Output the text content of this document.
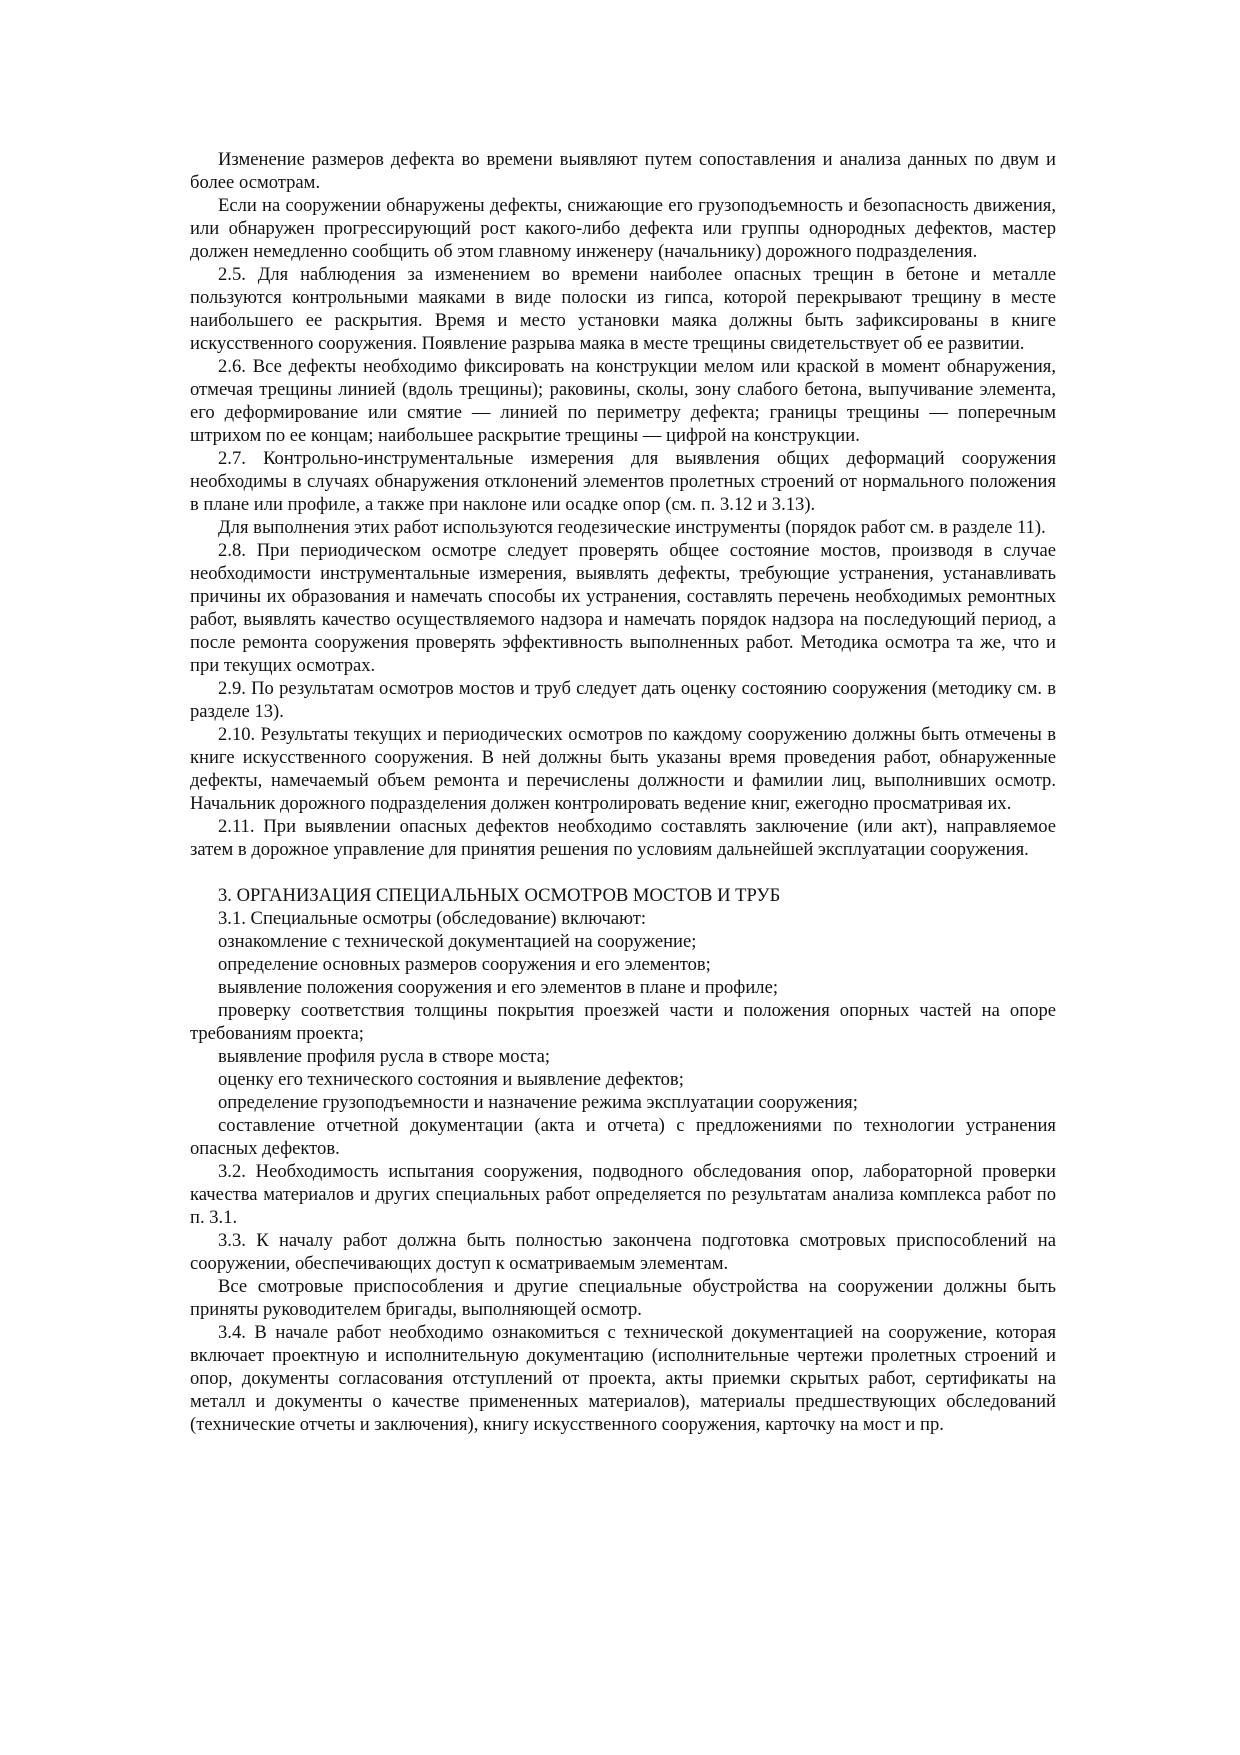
Изменение размеров дефекта во времени выявляют путем сопоставления и анализа данных по двум и более осмотрам.

Если на сооружении обнаружены дефекты, снижающие его грузоподъемность и безопасность движения, или обнаружен прогрессирующий рост какого-либо дефекта или группы однородных дефектов, мастер должен немедленно сообщить об этом главному инженеру (начальнику) дорожного подразделения.

2.5. Для наблюдения за изменением во времени наиболее опасных трещин в бетоне и металле пользуются контрольными маяками в виде полоски из гипса, которой перекрывают трещину в месте наибольшего ее раскрытия. Время и место установки маяка должны быть зафиксированы в книге искусственного сооружения. Появление разрыва маяка в месте трещины свидетельствует об ее развитии.

2.6. Все дефекты необходимо фиксировать на конструкции мелом или краской в момент обнаружения, отмечая трещины линией (вдоль трещины); раковины, сколы, зону слабого бетона, выпучивание элемента, его деформирование или смятие — линией по периметру дефекта; границы трещины — поперечным штрихом по ее концам; наибольшее раскрытие трещины — цифрой на конструкции.

2.7. Контрольно-инструментальные измерения для выявления общих деформаций сооружения необходимы в случаях обнаружения отклонений элементов пролетных строений от нормального положения в плане или профиле, а также при наклоне или осадке опор (см. п. 3.12 и 3.13).

Для выполнения этих работ используются геодезические инструменты (порядок работ см. в разделе 11).

2.8. При периодическом осмотре следует проверять общее состояние мостов, производя в случае необходимости инструментальные измерения, выявлять дефекты, требующие устранения, устанавливать причины их образования и намечать способы их устранения, составлять перечень необходимых ремонтных работ, выявлять качество осуществляемого надзора и намечать порядок надзора на последующий период, а после ремонта сооружения проверять эффективность выполненных работ. Методика осмотра та же, что и при текущих осмотрах.

2.9. По результатам осмотров мостов и труб следует дать оценку состоянию сооружения (методику см. в разделе 13).

2.10. Результаты текущих и периодических осмотров по каждому сооружению должны быть отмечены в книге искусственного сооружения. В ней должны быть указаны время проведения работ, обнаруженные дефекты, намечаемый объем ремонта и перечислены должности и фамилии лиц, выполнивших осмотр. Начальник дорожного подразделения должен контролировать ведение книг, ежегодно просматривая их.

2.11. При выявлении опасных дефектов необходимо составлять заключение (или акт), направляемое затем в дорожное управление для принятия решения по условиям дальнейшей эксплуатации сооружения.

3. ОРГАНИЗАЦИЯ СПЕЦИАЛЬНЫХ ОСМОТРОВ МОСТОВ И ТРУБ

3.1. Специальные осмотры (обследование) включают:

ознакомление с технической документацией на сооружение;

определение основных размеров сооружения и его элементов;

выявление положения сооружения и его элементов в плане и профиле;

проверку соответствия толщины покрытия проезжей части и положения опорных частей на опоре требованиям проекта;

выявление профиля русла в створе моста;

оценку его технического состояния и выявление дефектов;

определение грузоподъемности и назначение режима эксплуатации сооружения;

составление отчетной документации (акта и отчета) с предложениями по технологии устранения опасных дефектов.

3.2. Необходимость испытания сооружения, подводного обследования опор, лабораторной проверки качества материалов и других специальных работ определяется по результатам анализа комплекса работ по п. 3.1.

3.3. К началу работ должна быть полностью закончена подготовка смотровых приспособлений на сооружении, обеспечивающих доступ к осматриваемым элементам.

Все смотровые приспособления и другие специальные обустройства на сооружении должны быть приняты руководителем бригады, выполняющей осмотр.

3.4. В начале работ необходимо ознакомиться с технической документацией на сооружение, которая включает проектную и исполнительную документацию (исполнительные чертежи пролетных строений и опор, документы согласования отступлений от проекта, акты приемки скрытых работ, сертификаты на металл и документы о качестве примененных материалов), материалы предшествующих обследований (технические отчеты и заключения), книгу искусственного сооружения, карточку на мост и пр.
